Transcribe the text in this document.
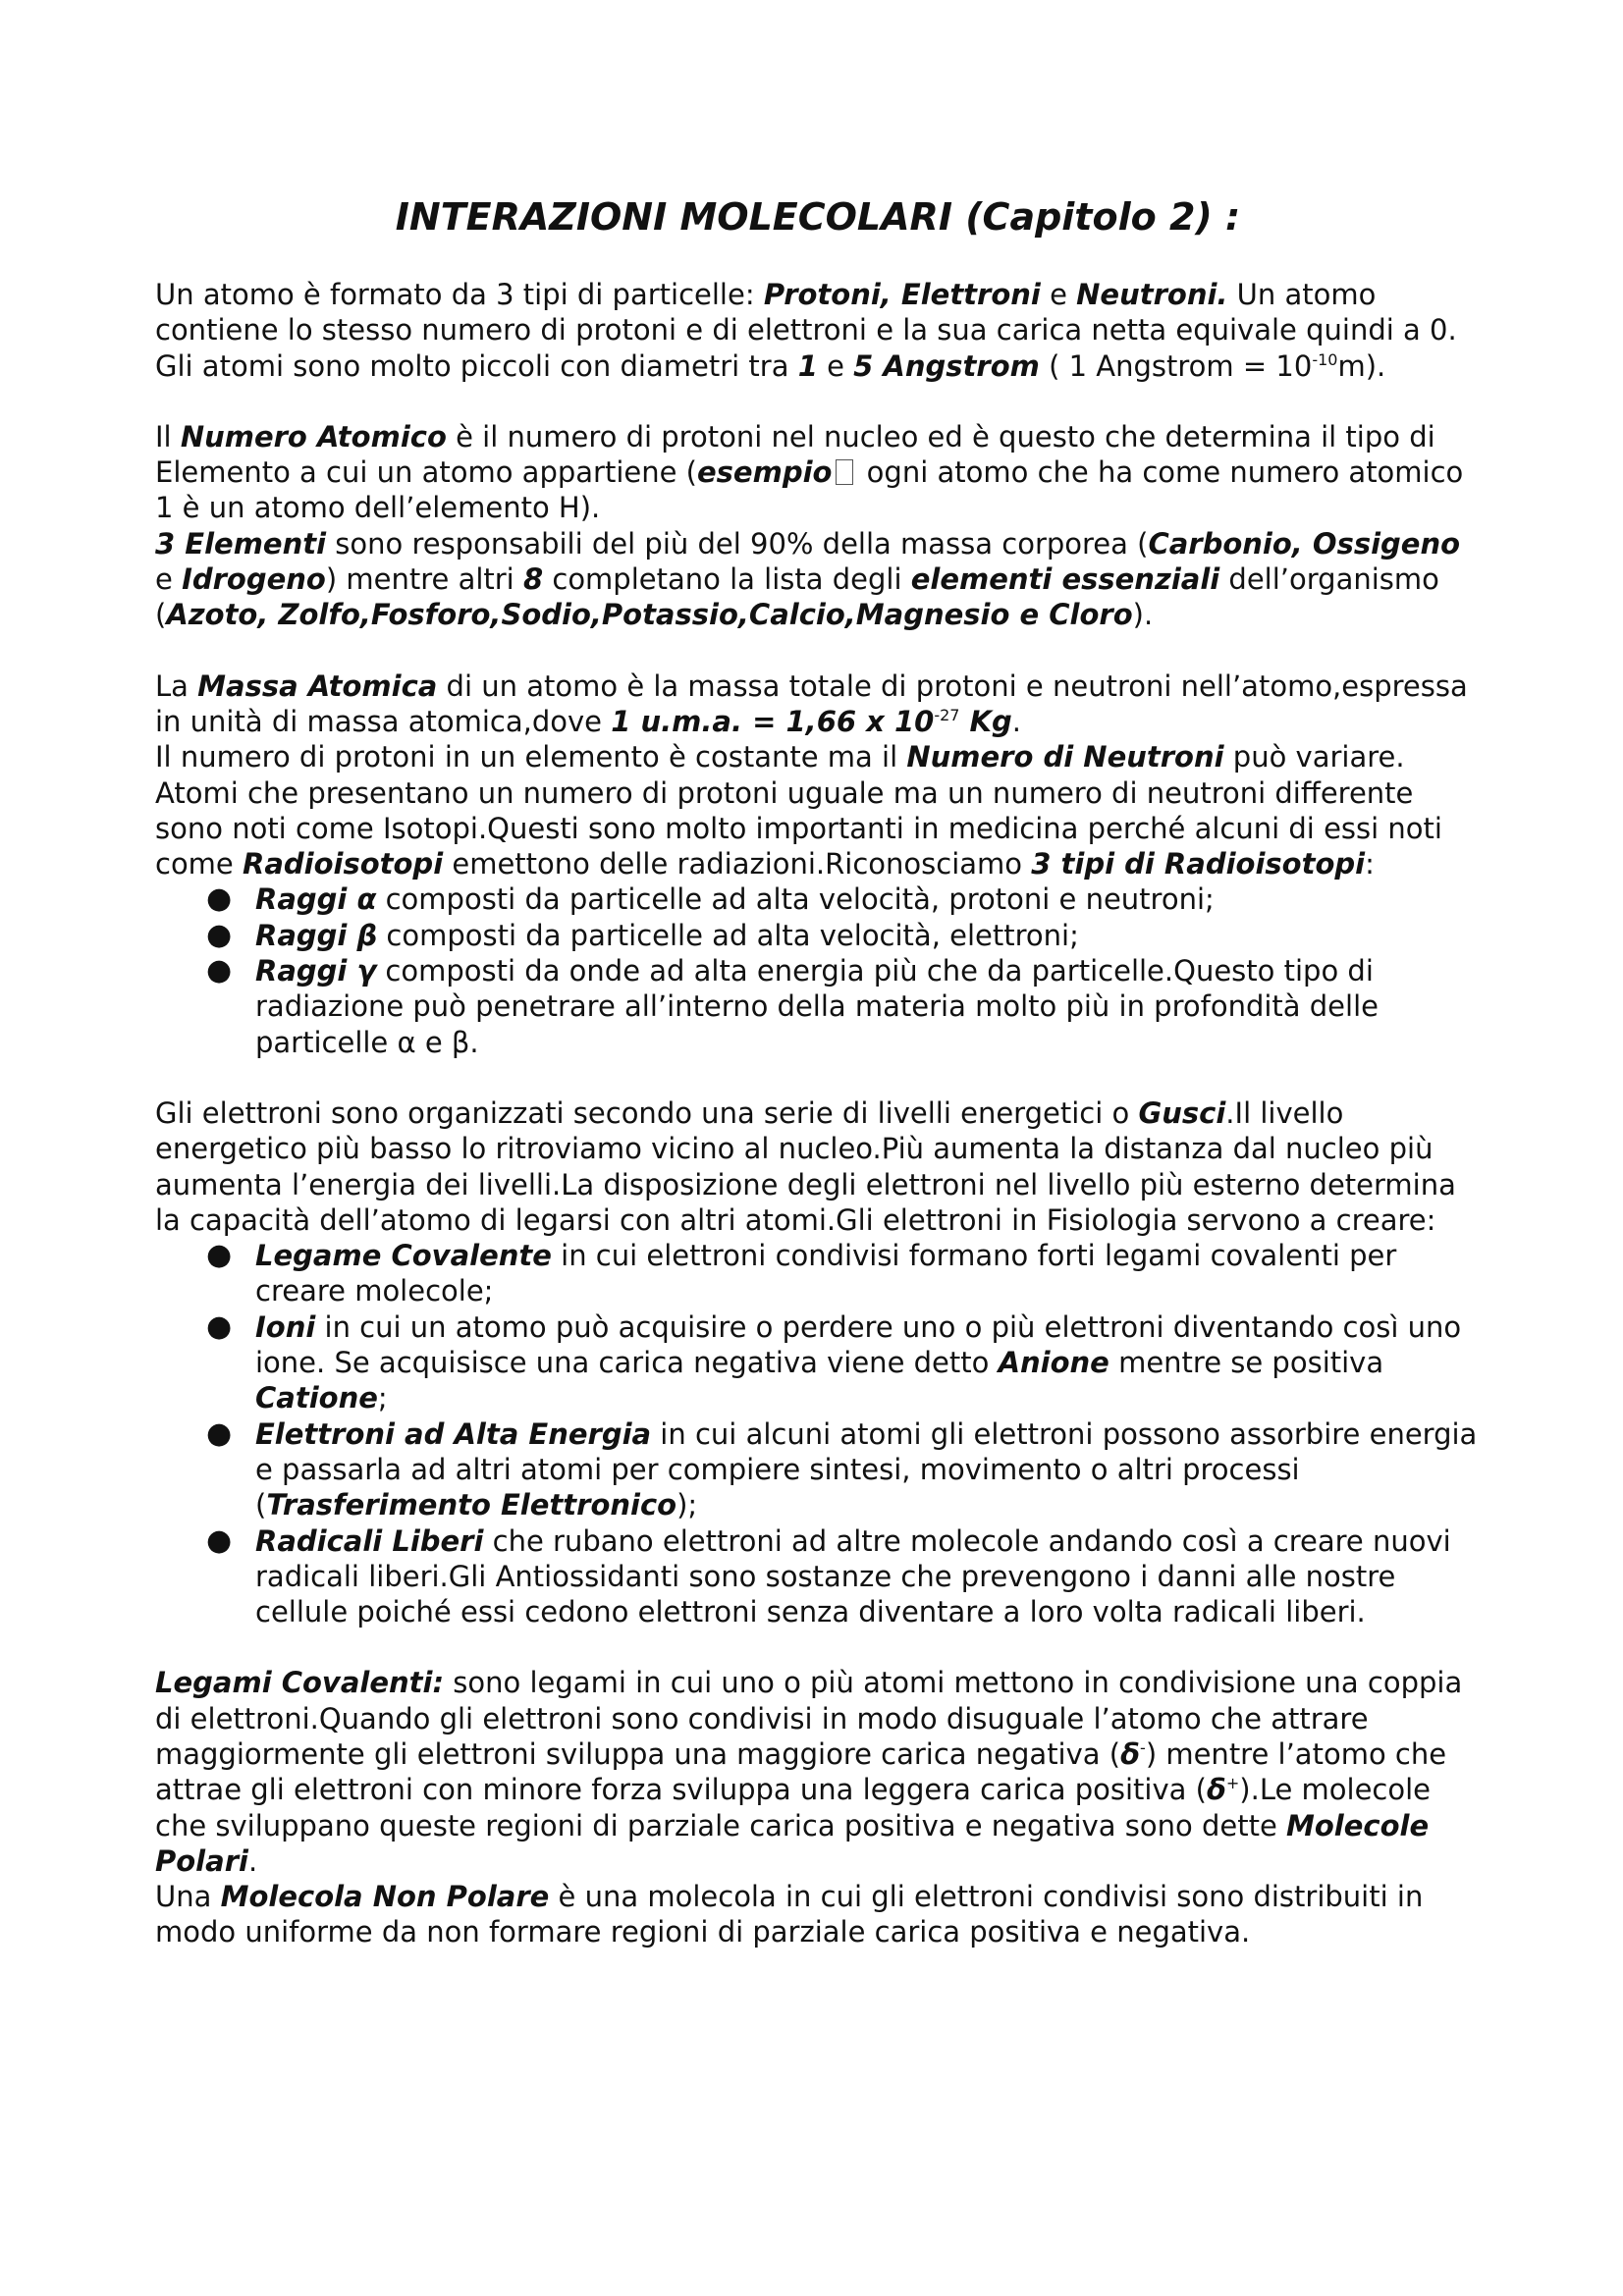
INTERAZIONI MOLECOLARI (Capitolo 2) :

Un atomo è formato da 3 tipi di particelle: Protoni, Elettroni e Neutroni. Un atomo contiene lo stesso numero di protoni e di elettroni e la sua carica netta equivale quindi a 0.

Gli atomi sono molto piccoli con diametri tra 1 e 5 Angstrom ( 1 Angstrom = $10^{-10}m$).

Il Numero Atomico è il numero di protoni nel nucleo ed è questo che determina il tipo di Elemento a cui un atomo appartiene (esempio ogni atomo che ha come numero atomico 1 è un atomo dell’elemento H).

3 Elementi sono responsabili del più del 90% della massa corporea (Carbonio, Ossigeno e Idrogeno) mentre altri 8 completano la lista degli elementi essenziali dell’organismo (Azoto, Zolfo,Fosforo,Sodio,Potassio,Calcio,Magnesio e Cloro).

La Massa Atomica di un atomo è la massa totale di protoni e neutroni nell’atomo,espressa in unità di massa atomica,dove 1 u.m.a. = 1,66 x $10^{-27}$ Kg.

Il numero di protoni in un elemento è costante ma il Numero di Neutroni può variare. Atomi che presentano un numero di protoni uguale ma un numero di neutroni differente sono noti come Isotopi.Questi sono molto importanti in medicina perché alcuni di essi noti come Radioisotopi emettono delle radiazioni.Riconosciamo 3 tipi di Radioisotopi:

● Raggi α composti da particelle ad alta velocità, protoni e neutroni;
● Raggi β composti da particelle ad alta velocità, elettroni;
● Raggi γ composti da onde ad alta energia più che da particelle.Questo tipo di radiazione può penetrare all’interno della materia molto più in profondità delle particelle α e β.

Gli elettroni sono organizzati secondo una serie di livelli energetici o Gusci.Il livello energetico più basso lo ritroviamo vicino al nucleo.Più aumenta la distanza dal nucleo più aumenta l’energia dei livelli.La disposizione degli elettroni nel livello più esterno determina la capacità dell’atomo di legarsi con altri atomi.Gli elettroni in Fisiologia servono a creare:

● Legame Covalente in cui elettroni condivisi formano forti legami covalenti per creare molecole;
● Ioni in cui un atomo può acquisire o perdere uno o più elettroni diventando così uno ione. Se acquisisce una carica negativa viene detto Anione mentre se positiva Catione;
● Elettroni ad Alta Energia in cui alcuni atomi gli elettroni possono assorbire energia e passarla ad altri atomi per compiere sintesi, movimento o altri processi (Trasferimento Elettronico);
● Radicali Liberi che rubano elettroni ad altre molecole andando così a creare nuovi radicali liberi.Gli Antiossidanti sono sostanze che prevengono i danni alle nostre cellule poiché essi cedono elettroni senza diventare a loro volta radicali liberi.

Legami Covalenti: sono legami in cui uno o più atomi mettono in condivisione una coppia di elettroni.Quando gli elettroni sono condivisi in modo disuguale l’atomo che attrare maggiormente gli elettroni sviluppa una maggiore carica negativa (δ-) mentre l’atomo che attrae gli elettroni con minore forza sviluppa una leggera carica positiva (δ+).Le molecole che sviluppano queste regioni di parziale carica positiva e negativa sono dette Molecole Polari.

Una Molecola Non Polare è una molecola in cui gli elettroni condivisi sono distribuiti in modo uniforme da non formare regioni di parziale carica positiva e negativa.
